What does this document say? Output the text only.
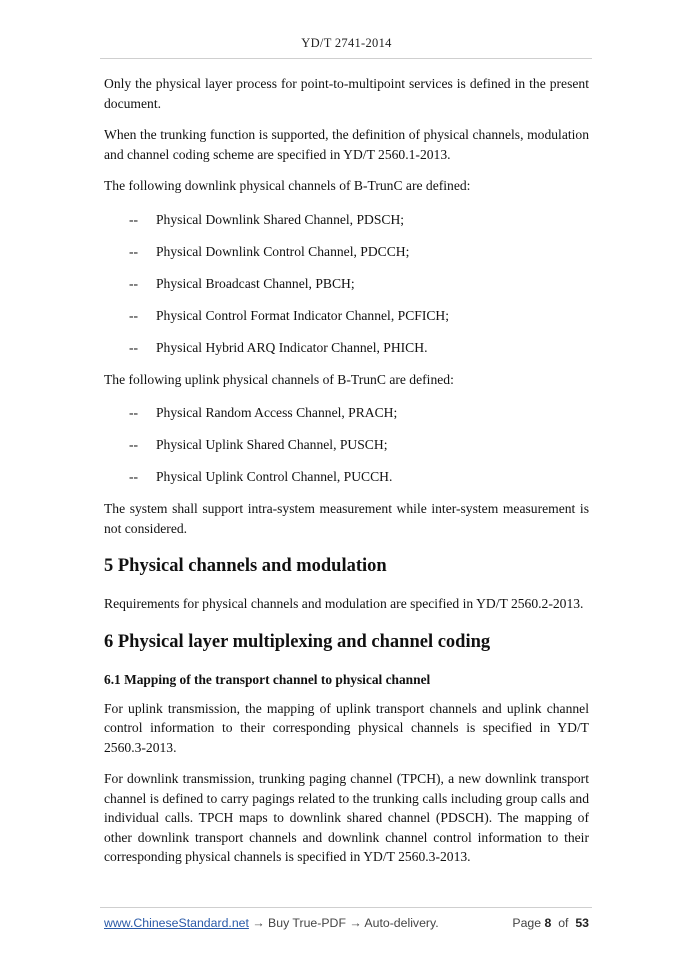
YD/T 2741-2014

Only the physical layer process for point-to-multipoint services is defined in the present document.

When the trunking function is supported, the definition of physical channels, modulation and channel coding scheme are specified in YD/T 2560.1-2013.

The following downlink physical channels of B-TrunC are defined:

-- Physical Downlink Shared Channel, PDSCH;
-- Physical Downlink Control Channel, PDCCH;
-- Physical Broadcast Channel, PBCH;
-- Physical Control Format Indicator Channel, PCFICH;
-- Physical Hybrid ARQ Indicator Channel, PHICH.

The following uplink physical channels of B-TrunC are defined:

-- Physical Random Access Channel, PRACH;
-- Physical Uplink Shared Channel, PUSCH;
-- Physical Uplink Control Channel, PUCCH.

The system shall support intra-system measurement while inter-system measurement is not considered.

5 Physical channels and modulation

Requirements for physical channels and modulation are specified in YD/T 2560.2-2013.

6 Physical layer multiplexing and channel coding
6.1 Mapping of the transport channel to physical channel

For uplink transmission, the mapping of uplink transport channels and uplink channel control information to their corresponding physical channels is specified in YD/T 2560.3-2013.

For downlink transmission, trunking paging channel (TPCH), a new downlink transport channel is defined to carry pagings related to the trunking calls including group calls and individual calls. TPCH maps to downlink shared channel (PDSCH). The mapping of other downlink transport channels and downlink channel control information to their corresponding physical channels is specified in YD/T 2560.3-2013.

www.ChineseStandard.net → Buy True-PDF → Auto-delivery.	Page 8 of 53
